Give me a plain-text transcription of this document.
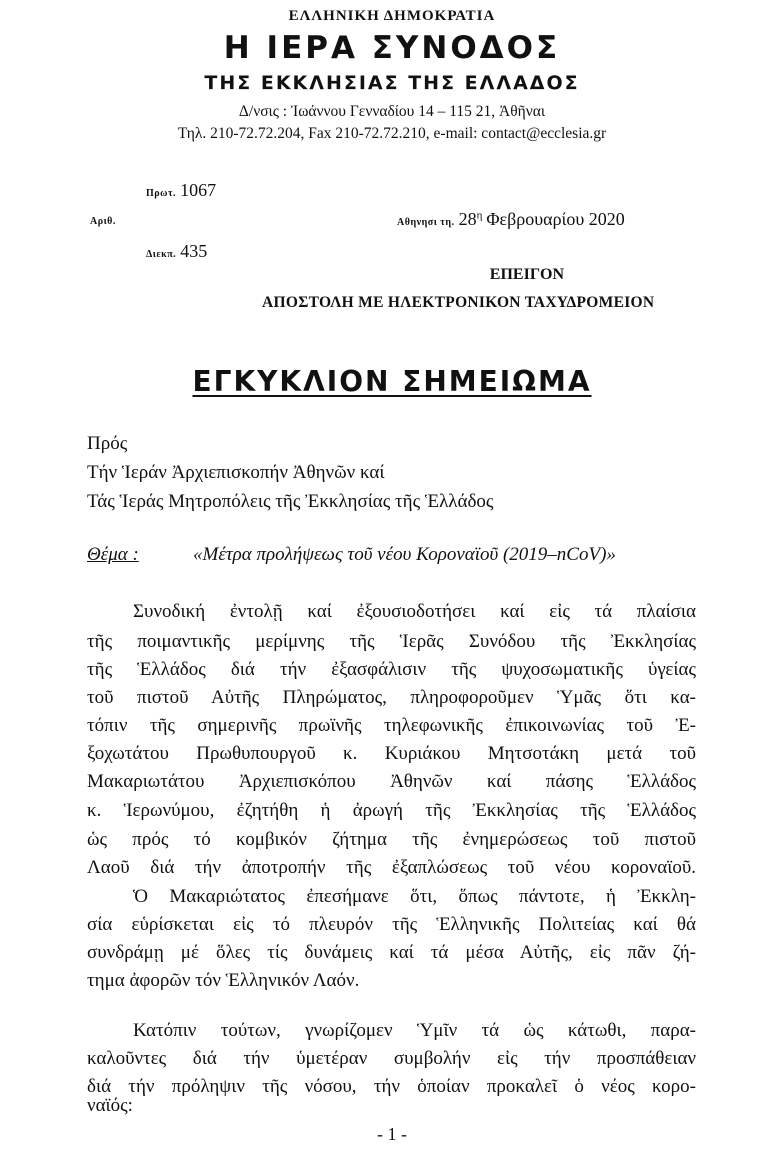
ΕΛΛΗΝΙΚΗ ΔΗΜΟΚΡΑΤΙΑ
Η ΙΕΡΑ ΣΥΝΟΔΟΣ
ΤΗΣ ΕΚΚΛΗΣΙΑΣ ΤΗΣ ΕΛΛΑΔΟΣ
Δ/νσις : Ἰωάννου Γενναδίου 14 – 115 21, Ἀθῆναι
Τηλ. 210-72.72.204, Fax 210-72.72.210, e-mail: contact@ecclesia.gr
Πρωτ. 1067
Αριθ.	Αθηνησι τη. $28^\eta$ Φεβρουαρίου 2020
Διεκπ. 435
ΕΠΕΙΓΟΝ
ΑΠΟΣΤΟΛΗ ΜΕ ΗΛΕΚΤΡΟΝΙΚΟΝ ΤΑΧΥΔΡΟΜΕΙΟΝ
ΕΓΚΥΚΛΙΟΝ ΣΗΜΕΙΩΜΑ
Πρός
Τήν Ἱεράν Ἀρχιεπισκοπήν Ἀθηνῶν καί
Τάς Ἱεράς Μητροπόλεις τῆς Ἐκκλησίας τῆς Ἑλλάδος
Θέμα :	«Μέτρα προλήψεως τοῦ νέου Κοροναϊοῦ (2019–nCoV)»
Συνοδική ἐντολῇ καί ἐξουσιοδοτήσει καί εἰς τά πλαίσια
τῆς ποιμαντικῆς μερίμνης τῆς Ἱερᾶς Συνόδου τῆς Ἐκκλησίας
τῆς Ἑλλάδος διά τήν ἐξασφάλισιν τῆς ψυχοσωματικῆς ὑγείας
τοῦ πιστοῦ Αὐτῆς Πληρώματος, πληροφοροῦμεν Ὑμᾶς ὅτι κα-
τόπιν τῆς σημερινῆς πρωϊνῆς τηλεφωνικῆς ἐπικοινωνίας τοῦ Ἐ-
ξοχωτάτου Πρωθυπουργοῦ κ. Κυριάκου Μητσοτάκη μετά τοῦ
Μακαριωτάτου Ἀρχιεπισκόπου Ἀθηνῶν καί πάσης Ἑλλάδος
κ. Ἱερωνύμου, ἐζητήθη ἡ ἀρωγή τῆς Ἐκκλησίας τῆς Ἑλλάδος
ὡς πρός τό κομβικόν ζήτημα τῆς ἐνημερώσεως τοῦ πιστοῦ
Λαοῦ διά τήν ἀποτροπήν τῆς ἐξαπλώσεως τοῦ νέου κοροναϊοῦ.
Ὁ Μακαριώτατος ἐπεσήμανε ὅτι, ὅπως πάντοτε, ἡ Ἐκκλη-
σία εὑρίσκεται εἰς τό πλευρόν τῆς Ἑλληνικῆς Πολιτείας καί θά
συνδράμῃ μέ ὅλες τίς δυνάμεις καί τά μέσα Αὐτῆς, εἰς πᾶν ζή-
τημα ἀφορῶν τόν Ἑλληνικόν Λαόν.
Κατόπιν τούτων, γνωρίζομεν Ὑμῖν τά ὡς κάτωθι, παρα-
καλοῦντες διά τήν ὑμετέραν συμβολήν εἰς τήν προσπάθειαν
διά τήν πρόληψιν τῆς νόσου, τήν ὁποίαν προκαλεῖ ὁ νέος κορο-
ναϊός:
- 1 -
